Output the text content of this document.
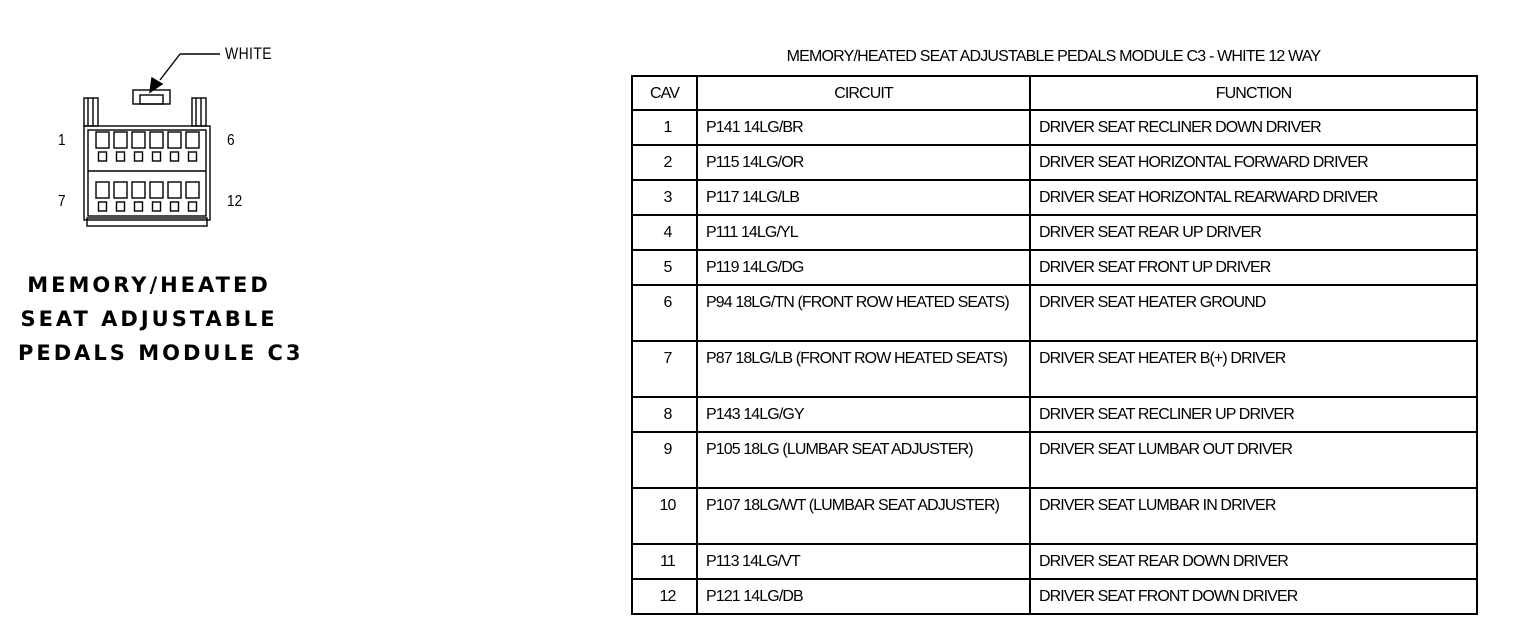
WHITE
1	6
7	12
MEMORY/HEATED
SEAT ADJUSTABLE
PEDALS MODULE C3
MEMORY/HEATED SEAT ADJUSTABLE PEDALS MODULE C3 - WHITE 12 WAY
CAV	CIRCUIT	FUNCTION
1	P141 14LG/BR	DRIVER SEAT RECLINER DOWN DRIVER
2	P115 14LG/OR	DRIVER SEAT HORIZONTAL FORWARD DRIVER
3	P117 14LG/LB	DRIVER SEAT HORIZONTAL REARWARD DRIVER
4	P111 14LG/YL	DRIVER SEAT REAR UP DRIVER
5	P119 14LG/DG	DRIVER SEAT FRONT UP DRIVER
6	P94 18LG/TN (FRONT ROW HEATED SEATS)	DRIVER SEAT HEATER GROUND
7	P87 18LG/LB (FRONT ROW HEATED SEATS)	DRIVER SEAT HEATER B(+) DRIVER
8	P143 14LG/GY	DRIVER SEAT RECLINER UP DRIVER
9	P105 18LG (LUMBAR SEAT ADJUSTER)	DRIVER SEAT LUMBAR OUT DRIVER
10	P107 18LG/WT (LUMBAR SEAT ADJUSTER)	DRIVER SEAT LUMBAR IN DRIVER
11	P113 14LG/VT	DRIVER SEAT REAR DOWN DRIVER
12	P121 14LG/DB	DRIVER SEAT FRONT DOWN DRIVER
